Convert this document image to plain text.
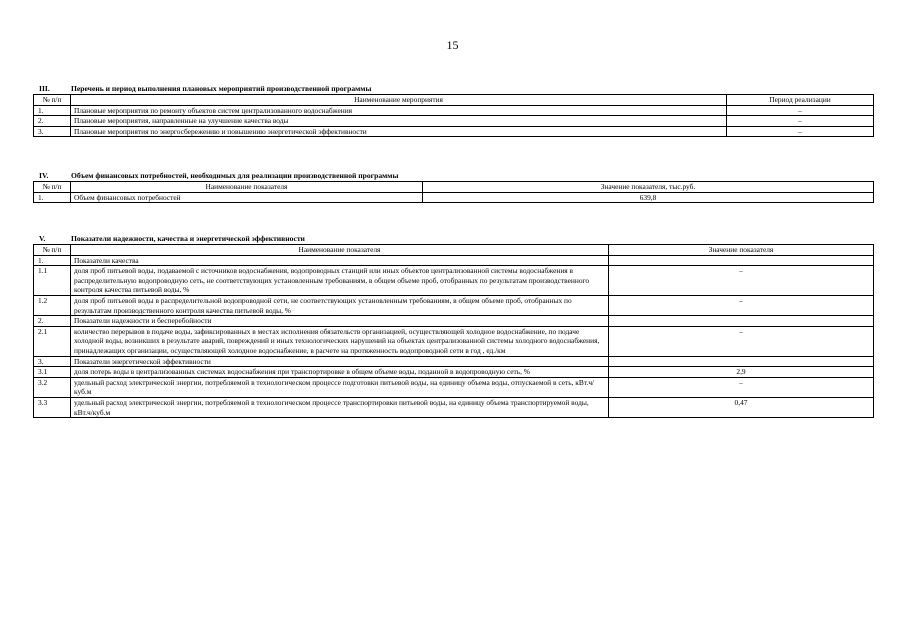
15
III.	Перечень и период выполнения плановых мероприятий производственной программы
№ п/п	Наименование мероприятия	Период реализации
1.	Плановые мероприятия по ремонту объектов систем централизованного водоснабжения	–
2.	Плановые мероприятия, направленные на улучшение качества воды	–
3.	Плановые мероприятия по энергосбережению и повышению энергетической эффективности	–
IV.	Объем финансовых потребностей, необходимых для реализации производственной программы
№ п/п	Наименование показателя	Значение показателя, тыс.руб.
1.	Объем финансовых потребностей	639,8
V.	Показатели надежности, качества и энергетической эффективности
№ п/п	Наименование показателя	Значение показателя
1.	Показатели качества	
1.1	доля проб питьевой воды, подаваемой с источников водоснабжения, водопроводных станций или иных объектов централизованной системы водоснабжения в распределительную водопроводную сеть, не соответствующих установленным требованиям, в общем объеме проб, отобранных по результатам производственного контроля качества питьевой воды, %	–
1.2	доля проб питьевой воды в распределительной водопроводной сети, не соответствующих установленным требованиям, в общем объеме проб, отобранных по результатам производственного контроля качества питьевой воды, %	–
2.	Показатели надежности и бесперебойности	
2.1	количество перерывов в подаче воды, зафиксированных в местах исполнения обязательств организацией, осуществляющей холодное водоснабжение, по подаче холодной воды, возникших в результате аварий, повреждений и иных технологических нарушений на объектах централизованной системы холодного водоснабжения, принадлежащих организации, осуществляющей холодное водоснабжение, в расчете на протяженность водопроводной сети в год , ед./км	–
3.	Показатели энергетической эффективности	
3.1	доля потерь воды в централизованных системах водоснабжения при транспортировке в общем объеме воды, поданной в водопроводную сеть, %	2,9
3.2	удельный расход электрической энергии, потребляемой в технологическом процессе подготовки питьевой воды, на единицу объема воды, отпускаемой в сеть, кВт.ч/куб.м	–
3.3	удельный расход электрической энергии, потребляемой в технологическом процессе транспортировки питьевой воды, на единицу объема транспортируемой воды, кВт.ч/куб.м	0,47
